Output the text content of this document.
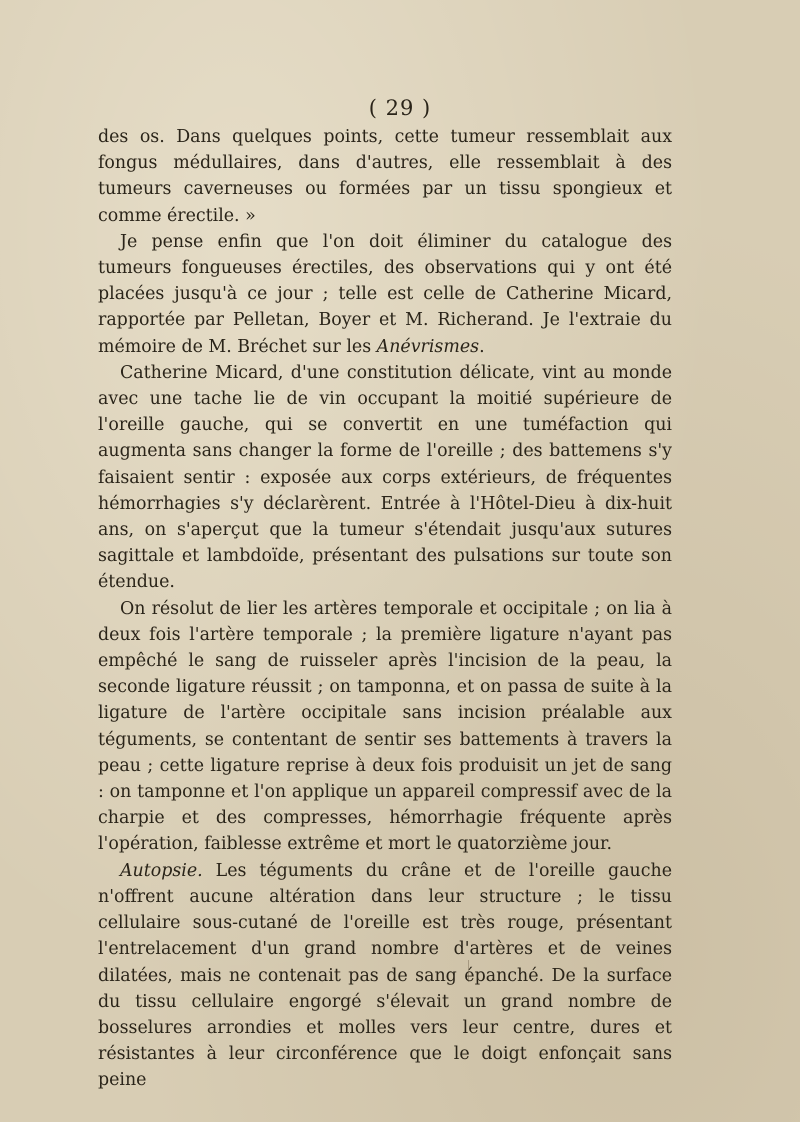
( 29 )

des os. Dans quelques points, cette tumeur ressemblait aux fongus médullaires, dans d'autres, elle ressemblait à des tumeurs caverneuses ou formées par un tissu spongieux et comme érectile. »

Je pense enfin que l'on doit éliminer du catalogue des tumeurs fongueuses érectiles, des observations qui y ont été placées jusqu'à ce jour ; telle est celle de Catherine Micard, rapportée par Pelletan, Boyer et M. Richerand. Je l'extraie du mémoire de M. Bréchet sur les Anévrismes.

Catherine Micard, d'une constitution délicate, vint au monde avec une tache lie de vin occupant la moitié supérieure de l'oreille gauche, qui se convertit en une tuméfaction qui augmenta sans changer la forme de l'oreille ; des battemens s'y faisaient sentir : exposée aux corps extérieurs, de fréquentes hémorrhagies s'y déclarèrent. Entrée à l'Hôtel-Dieu à dix-huit ans, on s'aperçut que la tumeur s'étendait jusqu'aux sutures sagittale et lambdoïde, présentant des pulsations sur toute son étendue.

On résolut de lier les artères temporale et occipitale ; on lia à deux fois l'artère temporale ; la première ligature n'ayant pas empêché le sang de ruisseler après l'incision de la peau, la seconde ligature réussit ; on tamponna, et on passa de suite à la ligature de l'artère occipitale sans incision préalable aux téguments, se contentant de sentir ses battements à travers la peau ; cette ligature reprise à deux fois produisit un jet de sang : on tamponne et l'on applique un appareil compressif avec de la charpie et des compresses, hémorrhagie fréquente après l'opération, faiblesse extrême et mort le quatorzième jour.

Autopsie. Les téguments du crâne et de l'oreille gauche n'offrent aucune altération dans leur structure ; le tissu cellulaire sous-cutané de l'oreille est très rouge, présentant l'entrelacement d'un grand nombre d'artères et de veines dilatées, mais ne contenait pas de sang épanché. De la surface du tissu cellulaire engorgé s'élevait un grand nombre de bosselures arrondies et molles vers leur centre, dures et résistantes à leur circonférence que le doigt enfonçait sans peine
